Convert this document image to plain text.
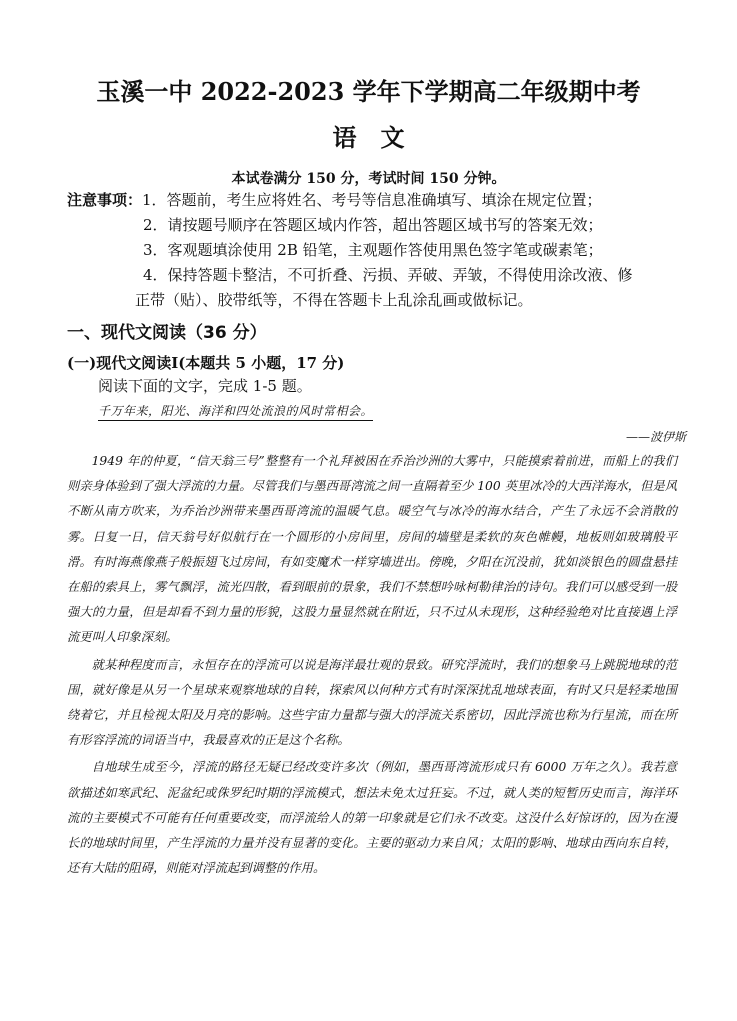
玉溪一中 2022-2023 学年下学期高二年级期中考
语　文
本试卷满分 150 分，考试时间 150 分钟。
注意事项：1．答题前，考生应将姓名、考号等信息准确填写、填涂在规定位置；
2．请按题号顺序在答题区域内作答，超出答题区域书写的答案无效；
3．客观题填涂使用 2B 铅笔，主观题作答使用黑色签字笔或碳素笔；
4．保持答题卡整洁，不可折叠、污损、弄破、弄皱，不得使用涂改液、修
正带（贴）、胶带纸等，不得在答题卡上乱涂乱画或做标记。
一、现代文阅读（36 分）
(一)现代文阅读Ⅰ(本题共 5 小题，17 分)
阅读下面的文字，完成 1-5 题。
千万年来，阳光、海洋和四处流浪的风时常相会。
——波伊斯

1949 年的仲夏，“信天翁三号”整整有一个礼拜被困在乔治沙洲的大雾中，只能摸索着前进，而船上的我们则亲身体验到了强大浮流的力量。尽管我们与墨西哥湾流之间一直隔着至少 100 英里冰冷的大西洋海水，但是风不断从南方吹来，为乔治沙洲带来墨西哥湾流的温暖气息。暖空气与冰冷的海水结合，产生了永远不会消散的雾。日复一日，信天翁号好似航行在一个圆形的小房间里，房间的墙壁是柔软的灰色帷幔，地板则如玻璃般平滑。有时海燕像燕子般振翅飞过房间，有如变魔术一样穿墙进出。傍晚，夕阳在沉没前，犹如淡银色的圆盘悬挂在船的索具上，雾气飘浮，流光四散，看到眼前的景象，我们不禁想吟咏柯勒律治的诗句。我们可以感受到一股强大的力量，但是却看不到力量的形貌，这股力量显然就在附近，只不过从未现形，这种经验绝对比直接遇上浮流更叫人印象深刻。

就某种程度而言，永恒存在的浮流可以说是海洋最壮观的景致。研究浮流时，我们的想象马上跳脱地球的范围，就好像是从另一个星球来观察地球的自转，探索风以何种方式有时深深扰乱地球表面，有时又只是轻柔地围绕着它，并且检视太阳及月亮的影响。这些宇宙力量都与强大的浮流关系密切，因此浮流也称为行星流，而在所有形容浮流的词语当中，我最喜欢的正是这个名称。

自地球生成至今，浮流的路径无疑已经改变许多次（例如，墨西哥湾流形成只有 6000 万年之久）。我若意欲描述如寒武纪、泥盆纪或侏罗纪时期的浮流模式，想法未免太过狂妄。不过，就人类的短暂历史而言，海洋环流的主要模式不可能有任何重要改变，而浮流给人的第一印象就是它们永不改变。这没什么好惊讶的，因为在漫长的地球时间里，产生浮流的力量并没有显著的变化。主要的驱动力来自风；太阳的影响、地球由西向东自转，还有大陆的阻碍，则能对浮流起到调整的作用。
